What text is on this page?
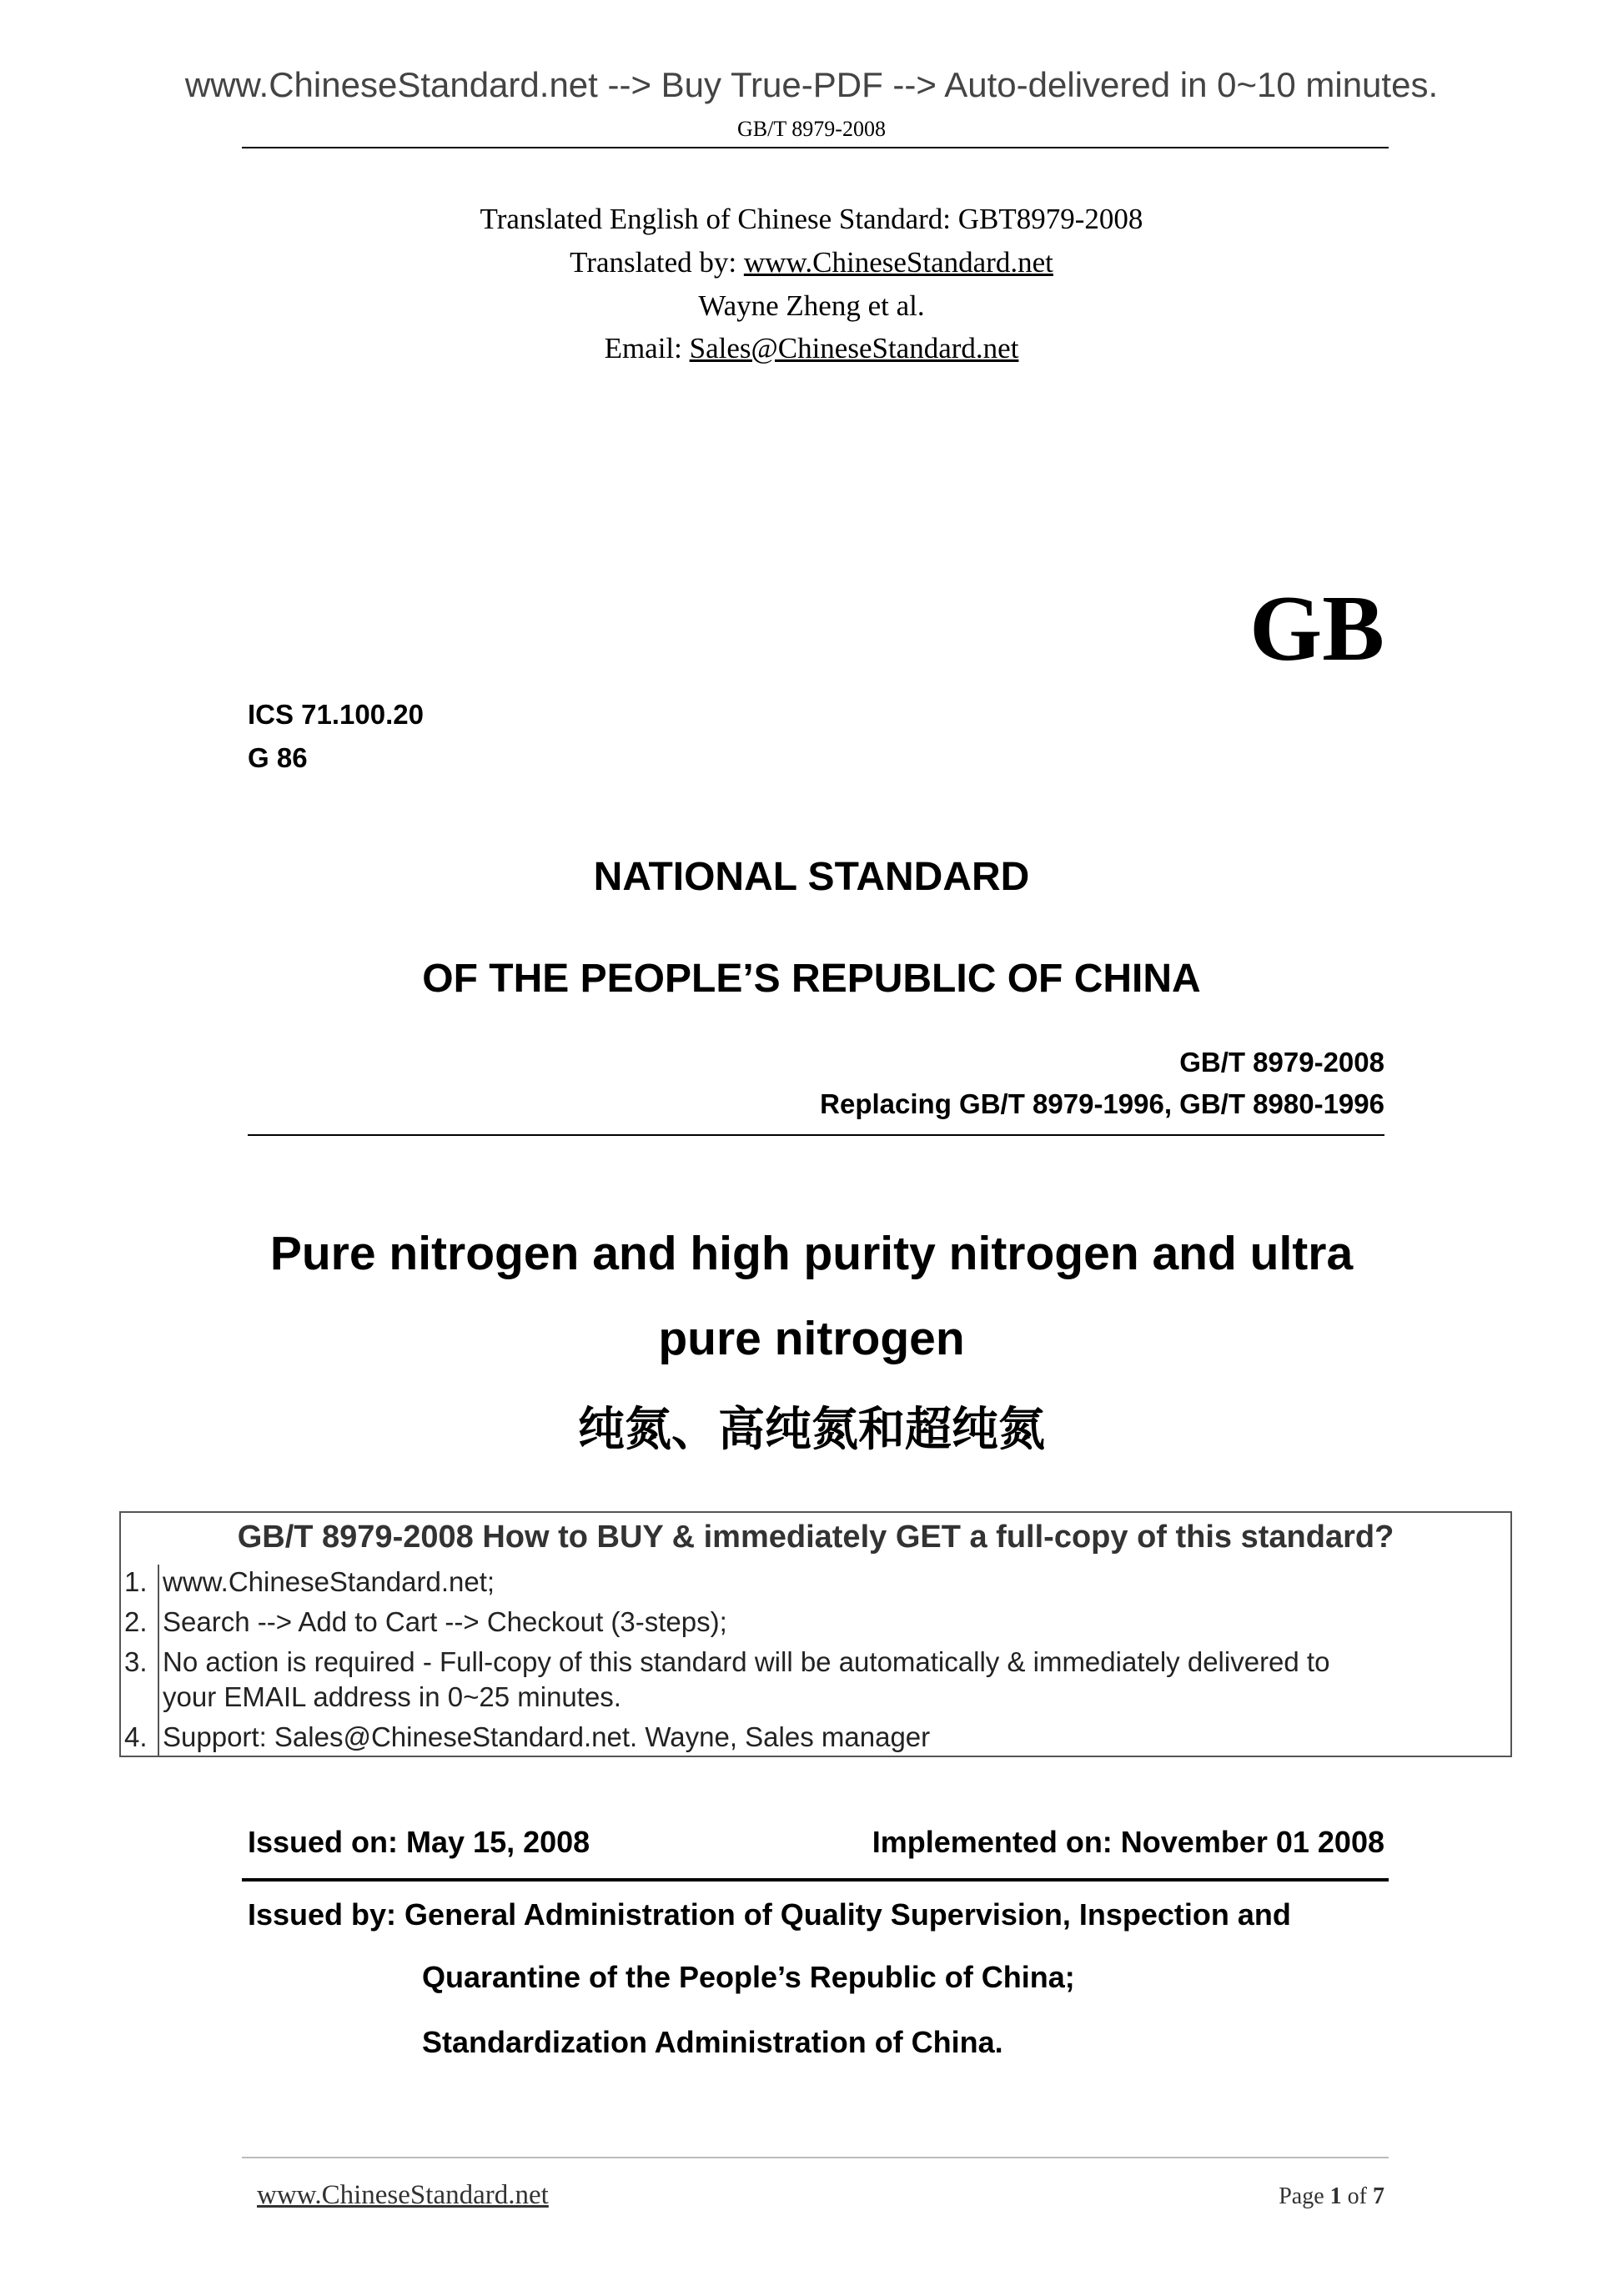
www.ChineseStandard.net --> Buy True-PDF --> Auto-delivered in 0~10 minutes.
GB/T 8979-2008
Translated English of Chinese Standard: GBT8979-2008
Translated by: www.ChineseStandard.net
Wayne Zheng et al.
Email: Sales@ChineseStandard.net
GB
ICS 71.100.20
G 86
NATIONAL STANDARD
OF THE PEOPLE’S REPUBLIC OF CHINA
GB/T 8979-2008
Replacing GB/T 8979-1996, GB/T 8980-1996
Pure nitrogen and high purity nitrogen and ultra
pure nitrogen
纯氮、高纯氮和超纯氮
GB/T 8979-2008 How to BUY & immediately GET a full-copy of this standard?
1. www.ChineseStandard.net;
2. Search --> Add to Cart --> Checkout (3-steps);
3. No action is required - Full-copy of this standard will be automatically & immediately delivered to
your EMAIL address in 0~25 minutes.
4. Support: Sales@ChineseStandard.net. Wayne, Sales manager
Issued on: May 15, 2008	Implemented on: November 01 2008
Issued by: General Administration of Quality Supervision, Inspection and
Quarantine of the People’s Republic of China;
Standardization Administration of China.
www.ChineseStandard.net	Page 1 of 7
